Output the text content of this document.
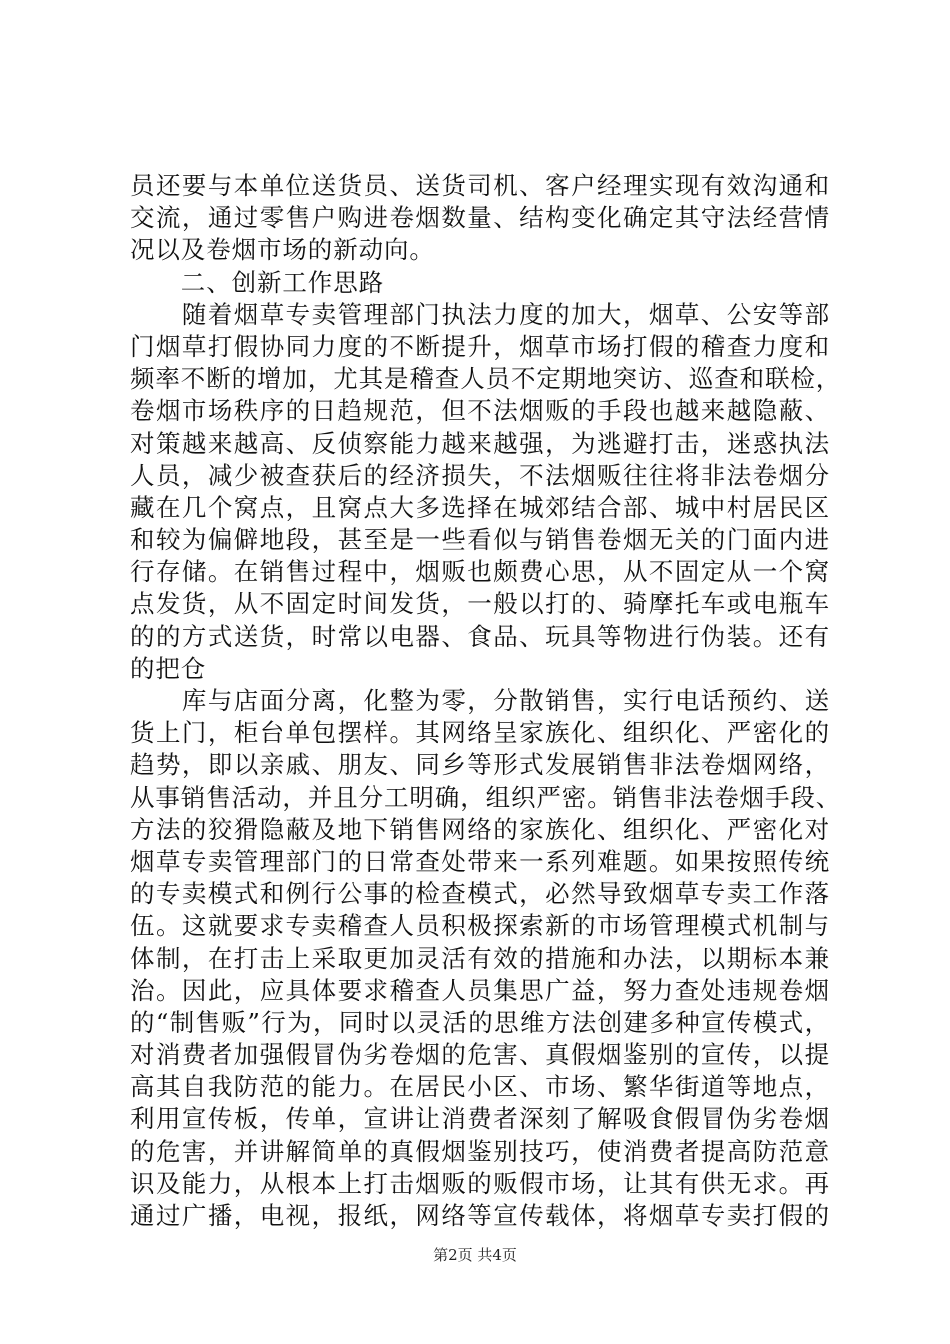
员还要与本单位送货员、送货司机、客户经理实现有效沟通和
交流，通过零售户购进卷烟数量、结构变化确定其守法经营情
况以及卷烟市场的新动向。
　　二、创新工作思路
　　随着烟草专卖管理部门执法力度的加大，烟草、公安等部
门烟草打假协同力度的不断提升，烟草市场打假的稽查力度和
频率不断的增加，尤其是稽查人员不定期地突访、巡查和联检，
卷烟市场秩序的日趋规范，但不法烟贩的手段也越来越隐蔽、
对策越来越高、反侦察能力越来越强，为逃避打击，迷惑执法
人员，减少被查获后的经济损失，不法烟贩往往将非法卷烟分
藏在几个窝点，且窝点大多选择在城郊结合部、城中村居民区
和较为偏僻地段，甚至是一些看似与销售卷烟无关的门面内进
行存储。在销售过程中，烟贩也颇费心思，从不固定从一个窝
点发货，从不固定时间发货，一般以打的、骑摩托车或电瓶车
的的方式送货，时常以电器、食品、玩具等物进行伪装。还有
的把仓
　　库与店面分离，化整为零，分散销售，实行电话预约、送
货上门，柜台单包摆样。其网络呈家族化、组织化、严密化的
趋势，即以亲戚、朋友、同乡等形式发展销售非法卷烟网络，
从事销售活动，并且分工明确，组织严密。销售非法卷烟手段、
方法的狡猾隐蔽及地下销售网络的家族化、组织化、严密化对
烟草专卖管理部门的日常查处带来一系列难题。如果按照传统
的专卖模式和例行公事的检查模式，必然导致烟草专卖工作落
伍。这就要求专卖稽查人员积极探索新的市场管理模式机制与
体制，在打击上采取更加灵活有效的措施和办法，以期标本兼
治。因此，应具体要求稽查人员集思广益，努力查处违规卷烟
的“制售贩”行为，同时以灵活的思维方法创建多种宣传模式，
对消费者加强假冒伪劣卷烟的危害、真假烟鉴别的宣传，以提
高其自我防范的能力。在居民小区、市场、繁华街道等地点，
利用宣传板，传单，宣讲让消费者深刻了解吸食假冒伪劣卷烟
的危害，并讲解简单的真假烟鉴别技巧，使消费者提高防范意
识及能力，从根本上打击烟贩的贩假市场，让其有供无求。再
通过广播，电视，报纸，网络等宣传载体，将烟草专卖打假的
第2页 共4页
